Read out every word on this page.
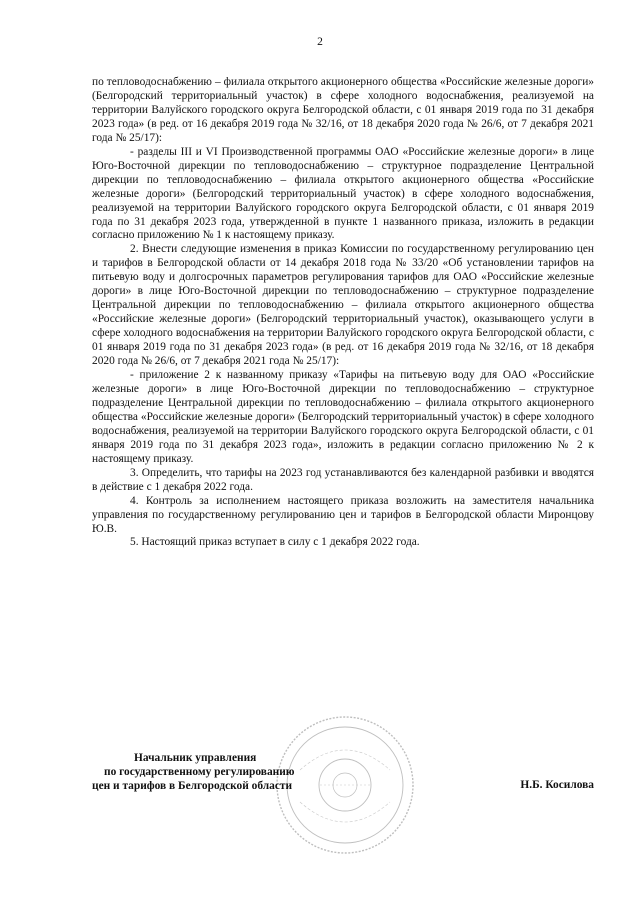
2

по тепловодоснабжению – филиала открытого акционерного общества «Российские железные дороги» (Белгородский территориальный участок) в сфере холодного водоснабжения, реализуемой на территории Валуйского городского округа Белгородской области, с 01 января 2019 года по 31 декабря 2023 года» (в ред. от 16 декабря 2019 года № 32/16, от 18 декабря 2020 года № 26/6, от 7 декабря 2021 года № 25/17):

- разделы III и VI Производственной программы ОАО «Российские железные дороги» в лице Юго-Восточной дирекции по тепловодоснабжению – структурное подразделение Центральной дирекции по тепловодоснабжению – филиала открытого акционерного общества «Российские железные дороги» (Белгородский территориальный участок) в сфере холодного водоснабжения, реализуемой на территории Валуйского городского округа Белгородской области, с 01 января 2019 года по 31 декабря 2023 года, утвержденной в пункте 1 названного приказа, изложить в редакции согласно приложению № 1 к настоящему приказу.

2. Внести следующие изменения в приказ Комиссии по государственному регулированию цен и тарифов в Белгородской области от 14 декабря 2018 года № 33/20 «Об установлении тарифов на питьевую воду и долгосрочных параметров регулирования тарифов для ОАО «Российские железные дороги» в лице Юго-Восточной дирекции по тепловодоснабжению – структурное подразделение Центральной дирекции по тепловодоснабжению – филиала открытого акционерного общества «Российские железные дороги» (Белгородский территориальный участок), оказывающего услуги в сфере холодного водоснабжения на территории Валуйского городского округа Белгородской области, с 01 января 2019 года по 31 декабря 2023 года» (в ред. от 16 декабря 2019 года № 32/16, от 18 декабря 2020 года № 26/6, от 7 декабря 2021 года № 25/17):

- приложение 2 к названному приказу «Тарифы на питьевую воду для ОАО «Российские железные дороги» в лице Юго-Восточной дирекции по тепловодоснабжению – структурное подразделение Центральной дирекции по тепловодоснабжению – филиала открытого акционерного общества «Российские железные дороги» (Белгородский территориальный участок) в сфере холодного водоснабжения, реализуемой на территории Валуйского городского округа Белгородской области, с 01 января 2019 года по 31 декабря 2023 года», изложить в редакции согласно приложению № 2 к настоящему приказу.

3. Определить, что тарифы на 2023 год устанавливаются без календарной разбивки и вводятся в действие с 1 декабря 2022 года.

4. Контроль за исполнением настоящего приказа возложить на заместителя начальника управления по государственному регулированию цен и тарифов в Белгородской области Миронцову Ю.В.

5. Настоящий приказ вступает в силу с 1 декабря 2022 года.

Начальник управления
по государственному регулированию
цен и тарифов в Белгородской области	Н.Б. Косилова
